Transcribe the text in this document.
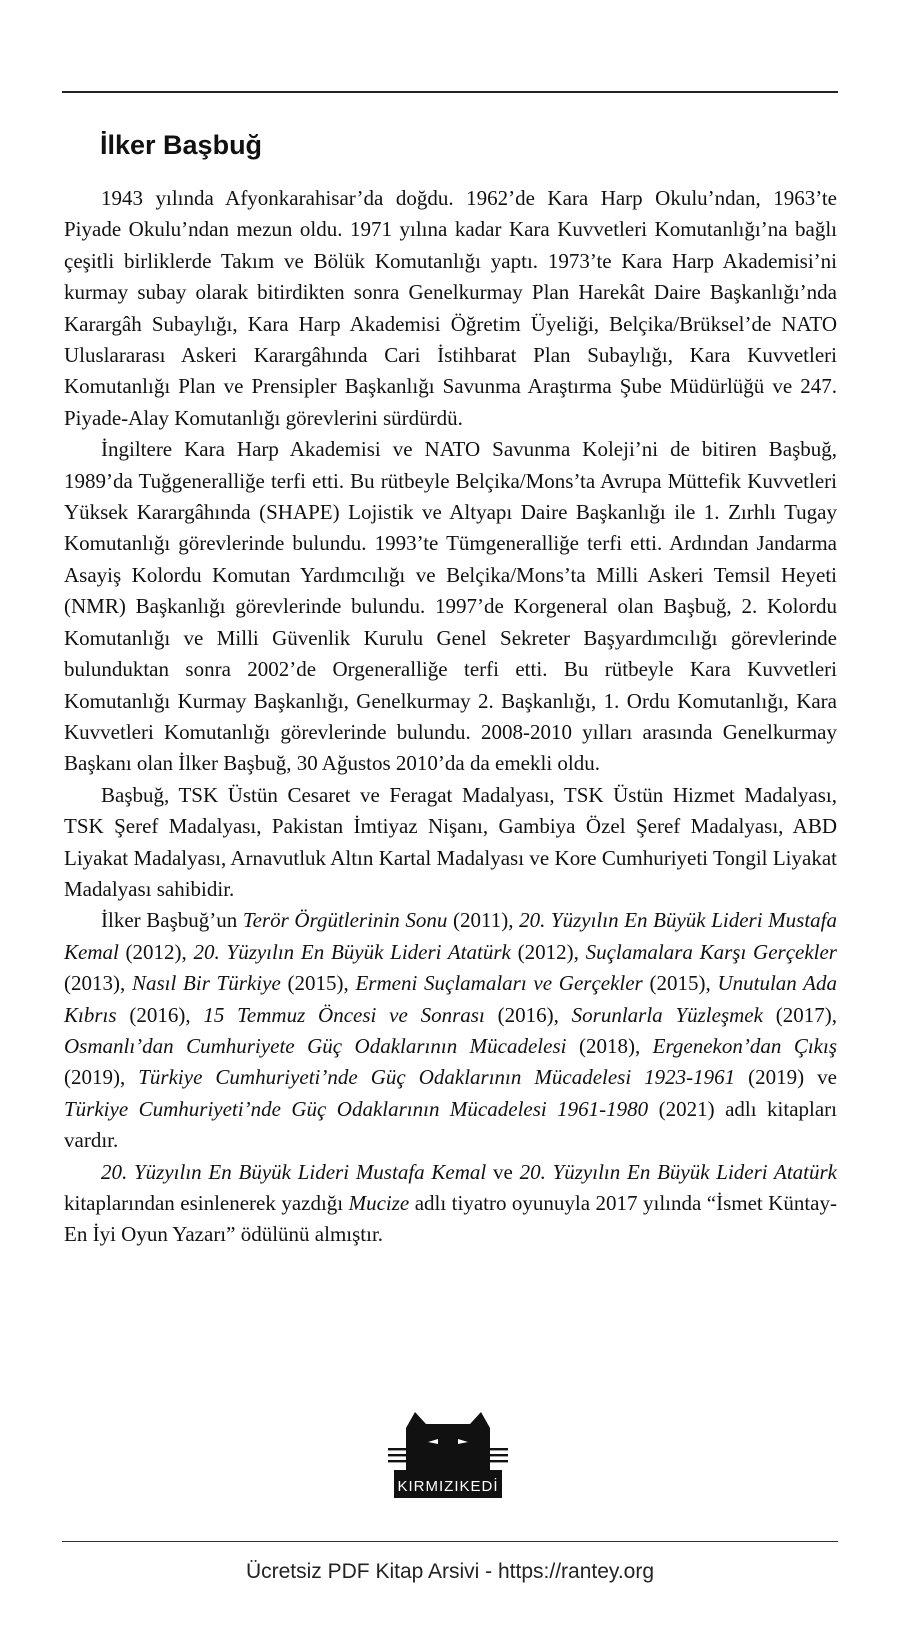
İlker Başbuğ

1943 yılında Afyonkarahisar’da doğdu. 1962’de Kara Harp Okulu’ndan, 1963’te Piyade Okulu’ndan mezun oldu. 1971 yılına kadar Kara Kuvvetleri Komutanlığı’na bağlı çeşitli birliklerde Takım ve Bölük Komutanlığı yaptı. 1973’te Kara Harp Akademisi’ni kurmay subay olarak bitirdikten sonra Genelkurmay Plan Harekât Daire Başkanlığı’nda Karargâh Subaylığı, Kara Harp Akademisi Öğretim Üyeliği, Belçika/Brüksel’de NATO Uluslararası Askeri Karargâhında Cari İstihbarat Plan Subaylığı, Kara Kuvvetleri Komutanlığı Plan ve Prensipler Başkanlığı Savunma Araştırma Şube Müdürlüğü ve 247. Piyade-Alay Komutanlığı görevlerini sürdürdü.

İngiltere Kara Harp Akademisi ve NATO Savunma Koleji’ni de bitiren Başbuğ, 1989’da Tuğgeneralliğe terfi etti. Bu rütbeyle Belçika/Mons’ta Avrupa Müttefik Kuvvetleri Yüksek Karargâhında (SHAPE) Lojistik ve Altyapı Daire Başkanlığı ile 1. Zırhlı Tugay Komutanlığı görevlerinde bulundu. 1993’te Tümgeneralliğe terfi etti. Ardından Jandarma Asayiş Kolordu Komutan Yardımcılığı ve Belçika/Mons’ta Milli Askeri Temsil Heyeti (NMR) Başkanlığı görevlerinde bulundu. 1997’de Korgeneral olan Başbuğ, 2. Kolordu Komutanlığı ve Milli Güvenlik Kurulu Genel Sekreter Başyardımcılığı görevlerinde bulunduktan sonra 2002’de Orgeneralliğe terfi etti. Bu rütbeyle Kara Kuvvetleri Komutanlığı Kurmay Başkanlığı, Genelkurmay 2. Başkanlığı, 1. Ordu Komutanlığı, Kara Kuvvetleri Komutanlığı görevlerinde bulundu. 2008-2010 yılları arasında Genelkurmay Başkanı olan İlker Başbuğ, 30 Ağustos 2010’da da emekli oldu.

Başbuğ, TSK Üstün Cesaret ve Feragat Madalyası, TSK Üstün Hizmet Madalyası, TSK Şeref Madalyası, Pakistan İmtiyaz Nişanı, Gambiya Özel Şeref Madalyası, ABD Liyakat Madalyası, Arnavutluk Altın Kartal Madalyası ve Kore Cumhuriyeti Tongil Liyakat Madalyası sahibidir.

İlker Başbuğ’un Terör Örgütlerinin Sonu (2011), 20. Yüzyılın En Büyük Lideri Mustafa Kemal (2012), 20. Yüzyılın En Büyük Lideri Atatürk (2012), Suçlamalara Karşı Gerçekler (2013), Nasıl Bir Türkiye (2015), Ermeni Suçlamaları ve Gerçekler (2015), Unutulan Ada Kıbrıs (2016), 15 Temmuz Öncesi ve Sonrası (2016), Sorunlarla Yüzleşmek (2017), Osmanlı’dan Cumhuriyete Güç Odaklarının Mücadelesi (2018), Ergenekon’dan Çıkış (2019), Türkiye Cumhuriyeti’nde Güç Odaklarının Mücadelesi 1923-1961 (2019) ve Türkiye Cumhuriyeti’nde Güç Odaklarının Mücadelesi 1961-1980 (2021) adlı kitapları vardır.

20. Yüzyılın En Büyük Lideri Mustafa Kemal ve 20. Yüzyılın En Büyük Lideri Atatürk kitaplarından esinlenerek yazdığı Mucize adlı tiyatro oyunuyla 2017 yılında “İsmet Küntay-En İyi Oyun Yazarı” ödülünü almıştır.

KIRMIZIKEDİ
Ücretsiz PDF Kitap Arsivi - https://rantey.org
